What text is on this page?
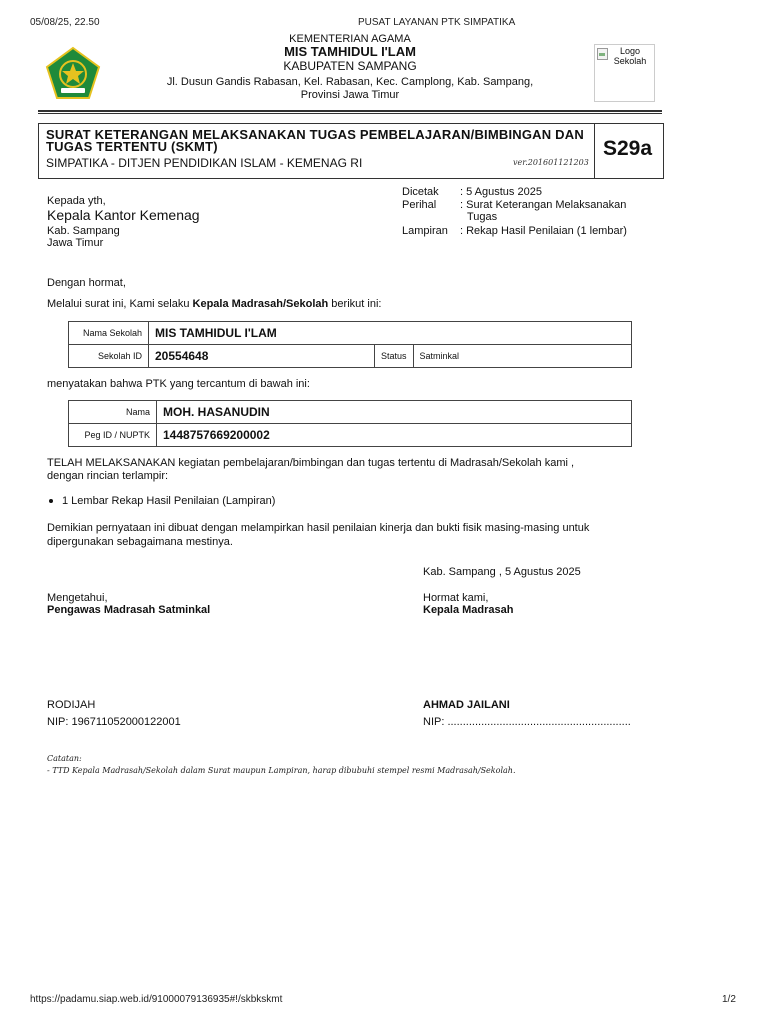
05/08/25, 22.50	PUSAT LAYANAN PTK SIMPATIKA
KEMENTERIAN AGAMA
MIS TAMHIDUL I'LAM
KABUPATEN SAMPANG
Jl. Dusun Gandis Rabasan, Kel. Rabasan, Kec. Camplong, Kab. Sampang,
Provinsi Jawa Timur
Logo Sekolah
SURAT KETERANGAN MELAKSANAKAN TUGAS PEMBELAJARAN/BIMBINGAN DAN TUGAS TERTENTU (SKMT)
SIMPATIKA - DITJEN PENDIDIKAN ISLAM - KEMENAG RI	ver.201601121203
S29a
Kepada yth,
Kepala Kantor Kemenag
Kab. Sampang
Jawa Timur
Dicetak : 5 Agustus 2025
Perihal : Surat Keterangan Melaksanakan
Tugas
Lampiran : Rekap Hasil Penilaian (1 lembar)
Dengan hormat,
Melalui surat ini, Kami selaku Kepala Madrasah/Sekolah berikut ini:
Nama Sekolah	MIS TAMHIDUL I'LAM		
Sekolah ID	20554648	Status	Satminkal
menyatakan bahwa PTK yang tercantum di bawah ini:
Nama	MOH. HASANUDIN
Peg ID / NUPTK	1448757669200002
TELAH MELAKSANAKAN kegiatan pembelajaran/bimbingan dan tugas tertentu di Madrasah/Sekolah kami ,
dengan rincian terlampir:
1 Lembar Rekap Hasil Penilaian (Lampiran)
Demikian pernyataan ini dibuat dengan melampirkan hasil penilaian kinerja dan bukti fisik masing-masing untuk
dipergunakan sebagaimana mestinya.
Kab. Sampang , 5 Agustus 2025
Mengetahui,
Pengawas Madrasah Satminkal
Hormat kami,
Kepala Madrasah
RODIJAH
NIP: 196711052000122001
AHMAD JAILANI
NIP: ............................................................
Catatan:
- TTD Kepala Madrasah/Sekolah dalam Surat maupun Lampiran, harap dibubuhi stempel resmi Madrasah/Sekolah.
https://padamu.siap.web.id/91000079136935#!/skbkskmt	1/2
